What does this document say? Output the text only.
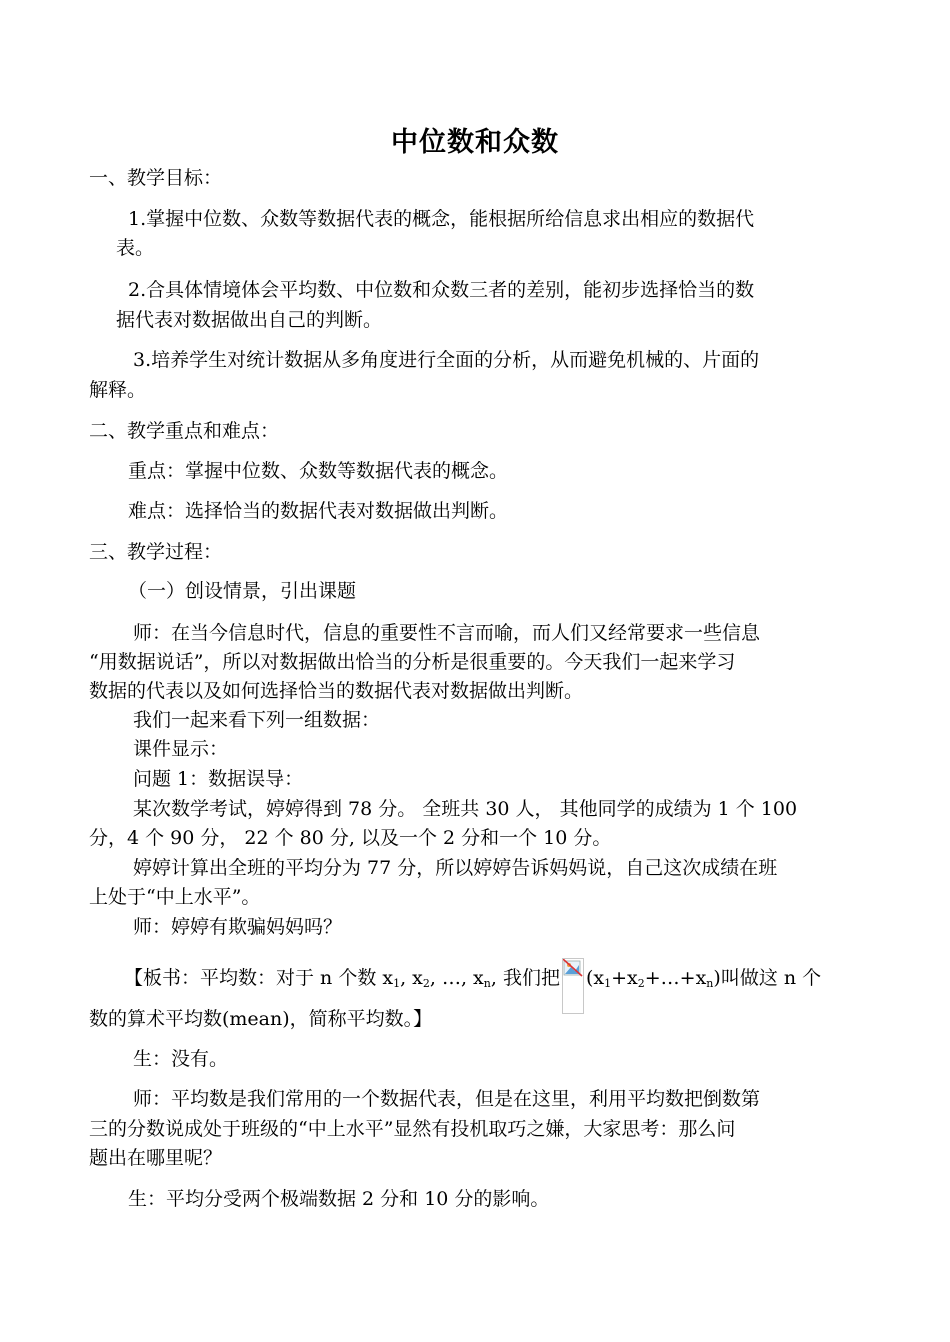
中位数和众数
一、教学目标：
1.掌握中位数、众数等数据代表的概念，能根据所给信息求出相应的数据代
表。
2.合具体情境体会平均数、中位数和众数三者的差别，能初步选择恰当的数
据代表对数据做出自己的判断。
3.培养学生对统计数据从多角度进行全面的分析，从而避免机械的、片面的
解释。
二、教学重点和难点：
重点：掌握中位数、众数等数据代表的概念。
难点：选择恰当的数据代表对数据做出判断。
三、教学过程：
（一）创设情景，引出课题
师：在当今信息时代，信息的重要性不言而喻，而人们又经常要求一些信息
“用数据说话”，所以对数据做出恰当的分析是很重要的。今天我们一起来学习
数据的代表以及如何选择恰当的数据代表对数据做出判断。
我们一起来看下列一组数据：
课件显示：
问题 1：数据误导：
某次数学考试，婷婷得到 78 分。 全班共 30 人， 其他同学的成绩为 1 个 100
分，4 个 90 分， 22 个 80 分, 以及一个 2 分和一个 10 分。
婷婷计算出全班的平均分为 77 分，所以婷婷告诉妈妈说，自己这次成绩在班
上处于“中上水平”。
师：婷婷有欺骗妈妈吗？
【板书：平均数：对于 n 个数 $x_1$, $x_2$, …, $x_n$, 我们把 $(x_1+x_2+\dots+x_n)$叫做这 n 个
数的算术平均数(mean)，简称平均数。】
生：没有。
师：平均数是我们常用的一个数据代表，但是在这里，利用平均数把倒数第
三的分数说成处于班级的“中上水平”显然有投机取巧之嫌，大家思考：那么问
题出在哪里呢？
生：平均分受两个极端数据 2 分和 10 分的影响。
